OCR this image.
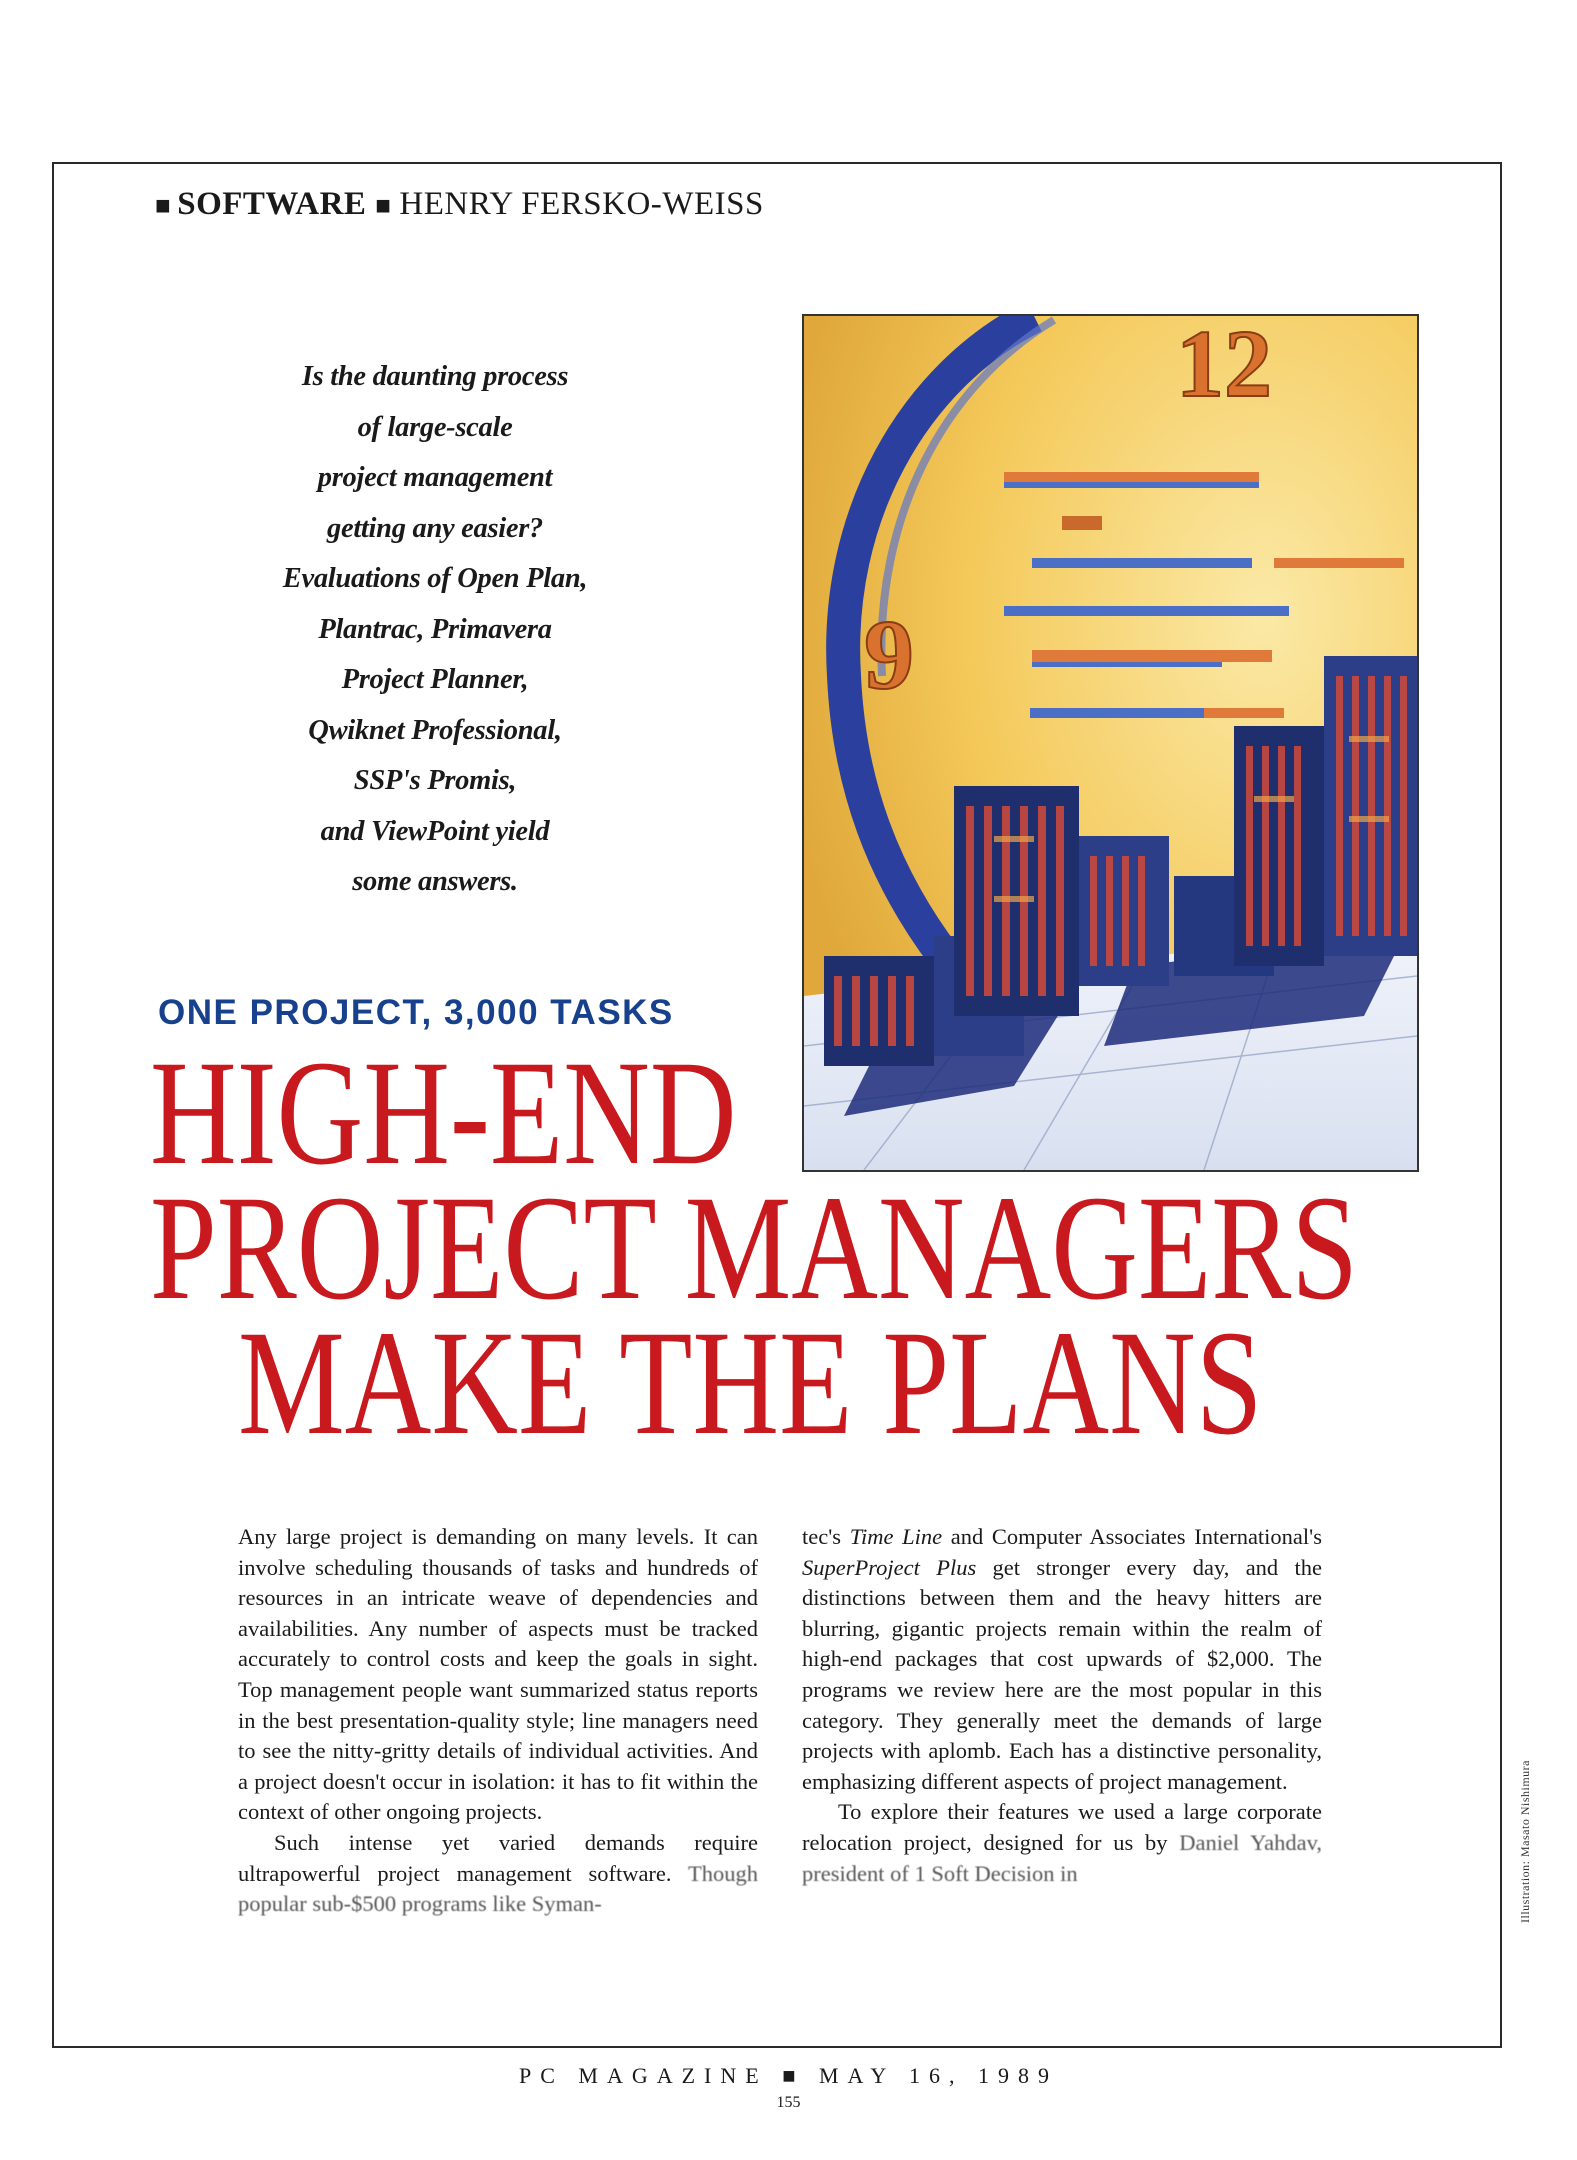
■ SOFTWARE ■ HENRY FERSKO-WEISS
Is the daunting process
of large-scale
project management
getting any easier?
Evaluations of Open Plan,
Plantrac, Primavera
Project Planner,
Qwiknet Professional,
SSP's Promis,
and ViewPoint yield
some answers.
12
9
ONE PROJECT, 3,000 TASKS
HIGH-END
PROJECT MANAGERS
MAKE THE PLANS

Any large project is demanding on many levels. It can involve scheduling thousands of tasks and hundreds of resources in an intricate weave of dependencies and availabilities. Any number of aspects must be tracked accurately to control costs and keep the goals in sight. Top management people want summarized status reports in the best presentation-quality style; line managers need to see the nitty-gritty details of individual activities. And a project doesn't occur in isolation: it has to fit within the context of other ongoing projects.

Such intense yet varied demands require ultrapowerful project management software. Though popular sub-$500 programs like Syman-

tec's Time Line and Computer Associates International's SuperProject Plus get stronger every day, and the distinctions between them and the heavy hitters are blurring, gigantic projects remain within the realm of high-end packages that cost upwards of $2,000. The programs we review here are the most popular in this category. They generally meet the demands of large projects with aplomb. Each has a distinctive personality, emphasizing different aspects of project management.

To explore their features we used a large corporate relocation project, designed for us by Daniel Yahdav, president of 1 Soft Decision in	Illustration: Masato Nishimura
PC MAGAZINE ■ MAY 16, 1989
155
